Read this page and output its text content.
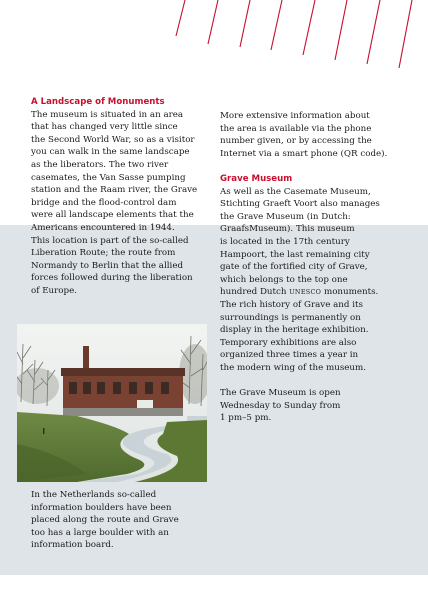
A Landscape of Monuments

The museum is situated in an area
that has changed very little since
the Second World War, so as a visitor
you can walk in the same landscape
as the liberators. The two river
casemates, the Van Sasse pumping
station and the Raam river, the Grave
bridge and the flood-control dam
were all landscape elements that the
Americans encountered in 1944.
This location is part of the so-called
Liberation Route; the route from
Normandy to Berlin that the allied
forces followed during the liberation
of Europe.

In the Netherlands so-called
information boulders have been
placed along the route and Grave
too has a large boulder with an
information board.

More extensive information about
the area is available via the phone
number given, or by accessing the
Internet via a smart phone (QR code).

Grave Museum

As well as the Casemate Museum,
Stichting Graeft Voort also manages
the Grave Museum (in Dutch:
GraafsMuseum). This museum
is located in the 17th century
Hampoort, the last remaining city
gate of the fortified city of Grave,
which belongs to the top one
hundred Dutch UNESCO monuments.
The rich history of Grave and its
surroundings is permanently on
display in the heritage exhibition.
Temporary exhibitions are also
organized three times a year in
the modern wing of the museum.

The Grave Museum is open
Wednesday to Sunday from
1 pm–5 pm.
